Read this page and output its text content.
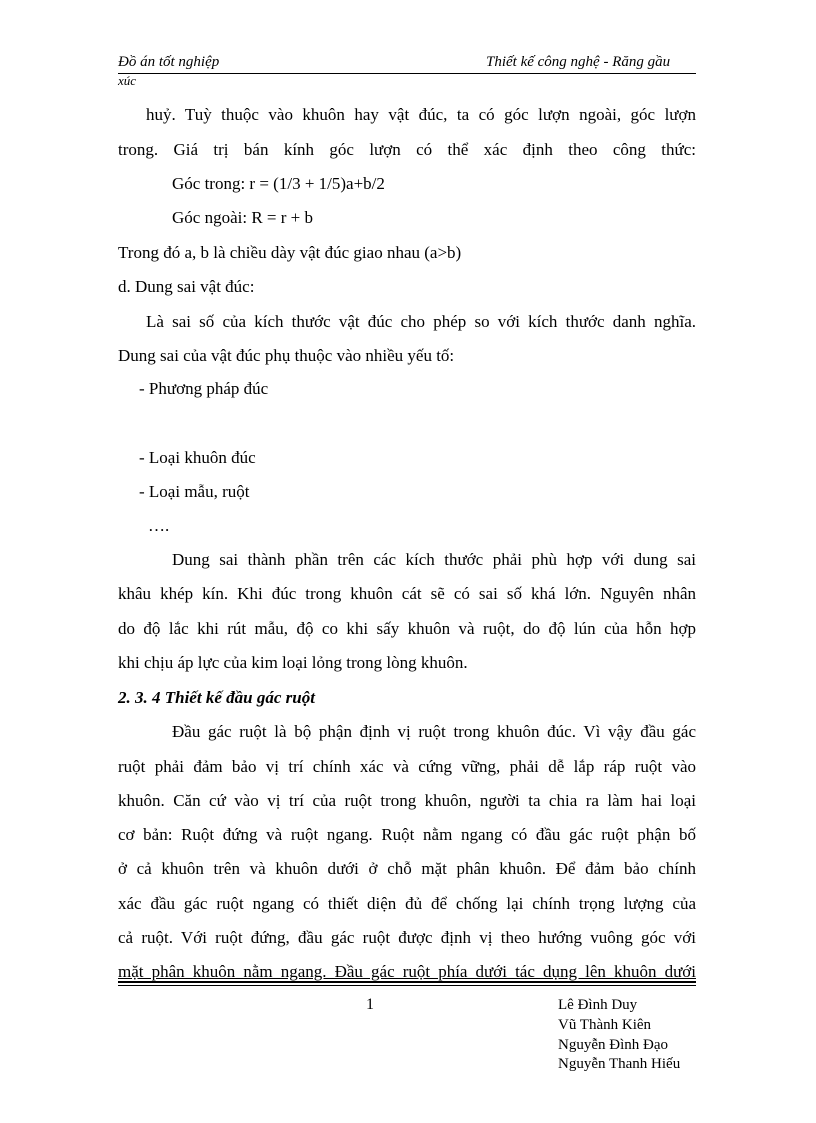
Đồ án tốt nghiệp	Thiết kế công nghệ - Răng gầu
xúc
huỷ. Tuỳ thuộc vào khuôn hay vật đúc, ta có góc lượn ngoài, góc lượn
trong. Giá trị bán kính góc lượn có thể xác định theo công thức:
Góc trong: r = (1/3 + 1/5)a+b/2
Góc ngoài: R = r + b
Trong đó a, b là chiều dày vật đúc giao nhau (a>b)
d. Dung sai vật đúc:
Là sai số của kích thước vật đúc cho phép so với kích thước danh nghĩa.
Dung sai của vật đúc phụ thuộc vào nhiều yếu tố:
- Phương pháp đúc
- Loại khuôn đúc
- Loại mẫu, ruột
….
Dung sai thành phần trên các kích thước phải phù hợp với dung sai
khâu khép kín. Khi đúc trong khuôn cát sẽ có sai số khá lớn. Nguyên nhân
do độ lắc khi rút mẫu, độ co khi sấy khuôn và ruột, do độ lún của hỗn hợp
khi chịu áp lực của kim loại lỏng trong lòng khuôn.
2. 3. 4 Thiết kế đầu gác ruột
Đầu gác ruột là bộ phận định vị ruột trong khuôn đúc. Vì vậy đầu gác
ruột phải đảm bảo vị trí chính xác và cứng vững, phải dễ lắp ráp ruột vào
khuôn. Căn cứ vào vị trí của ruột trong khuôn, người ta chia ra làm hai loại
cơ bản: Ruột đứng và ruột ngang. Ruột nằm ngang có đầu gác ruột phận bố
ở cả khuôn trên và khuôn dưới ở chỗ mặt phân khuôn. Để đảm bảo chính
xác đầu gác ruột ngang có thiết diện đủ để chống lại chính trọng lượng của
cả ruột. Với ruột đứng, đầu gác ruột được định vị theo hướng vuông góc với
mặt phân khuôn nằm ngang. Đầu gác ruột phía dưới tác dụng lên khuôn dưới
1	Lê Đình Duy
Vũ Thành Kiên
Nguyễn Đình Đạo
Nguyễn Thanh Hiếu
